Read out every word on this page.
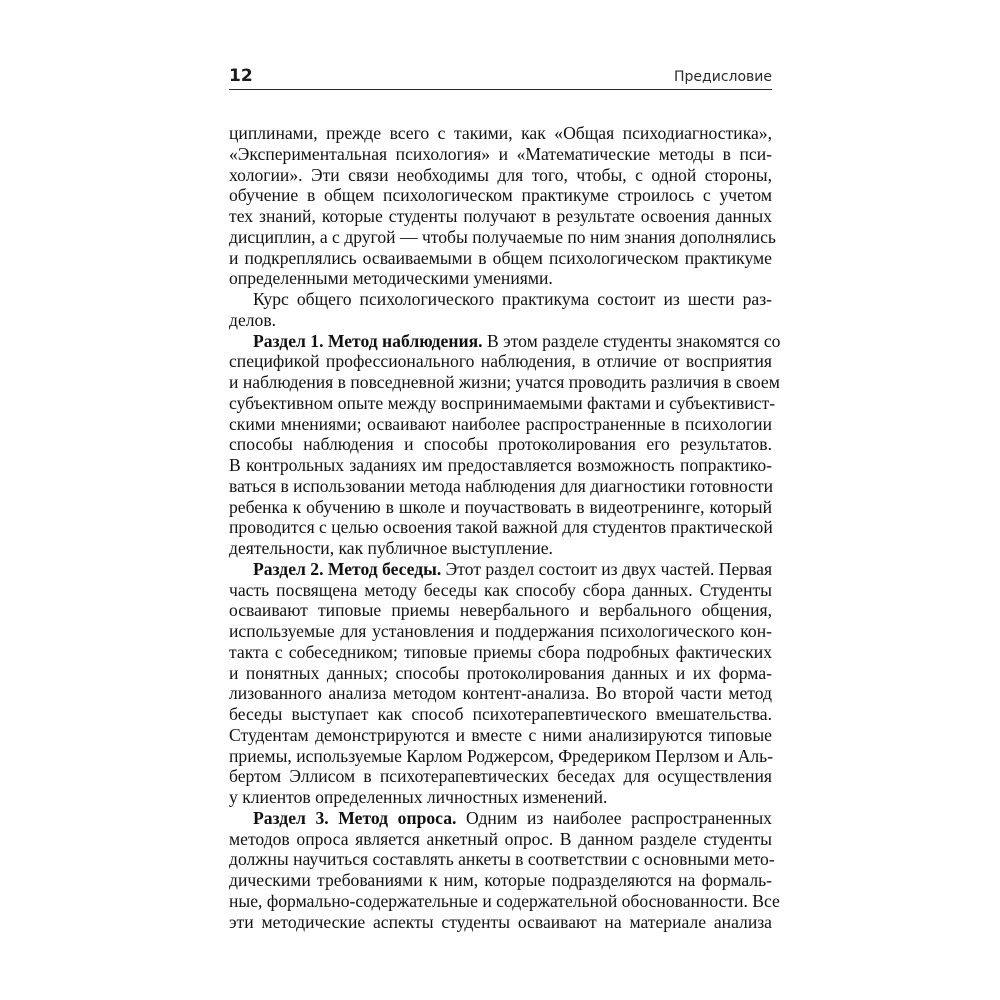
12	Предисловие
циплинами, прежде всего с такими, как «Общая психодиагностика»,
«Экспериментальная психология» и «Математические методы в пси-
хологии». Эти связи необходимы для того, чтобы, с одной стороны,
обучение в общем психологическом практикуме строилось с учетом
тех знаний, которые студенты получают в результате освоения данных
дисциплин, а с другой — чтобы получаемые по ним знания дополнялись
и подкреплялись осваиваемыми в общем психологическом практикуме
определенными методическими умениями.
Курс общего психологического практикума состоит из шести раз-
делов.
Раздел 1. Метод наблюдения. В этом разделе студенты знакомятся со
спецификой профессионального наблюдения, в отличие от восприятия
и наблюдения в повседневной жизни; учатся проводить различия в своем
субъективном опыте между воспринимаемыми фактами и субъективист-
скими мнениями; осваивают наиболее распространенные в психологии
способы наблюдения и способы протоколирования его результатов.
В контрольных заданиях им предоставляется возможность попрактико-
ваться в использовании метода наблюдения для диагностики готовности
ребенка к обучению в школе и поучаствовать в видеотренинге, который
проводится с целью освоения такой важной для студентов практической
деятельности, как публичное выступление.
Раздел 2. Метод беседы. Этот раздел состоит из двух частей. Первая
часть посвящена методу беседы как способу сбора данных. Студенты
осваивают типовые приемы невербального и вербального общения,
используемые для установления и поддержания психологического кон-
такта с собеседником; типовые приемы сбора подробных фактических
и понятных данных; способы протоколирования данных и их форма-
лизованного анализа методом контент-анализа. Во второй части метод
беседы выступает как способ психотерапевтического вмешательства.
Студентам демонстрируются и вместе с ними анализируются типовые
приемы, используемые Карлом Роджерсом, Фредериком Перлзом и Аль-
бертом Эллисом в психотерапевтических беседах для осуществления
у клиентов определенных личностных изменений.
Раздел 3. Метод опроса. Одним из наиболее распространенных
методов опроса является анкетный опрос. В данном разделе студенты
должны научиться составлять анкеты в соответствии с основными мето-
дическими требованиями к ним, которые подразделяются на формаль-
ные, формально-содержательные и содержательной обоснованности. Все
эти методические аспекты студенты осваивают на материале анализа
